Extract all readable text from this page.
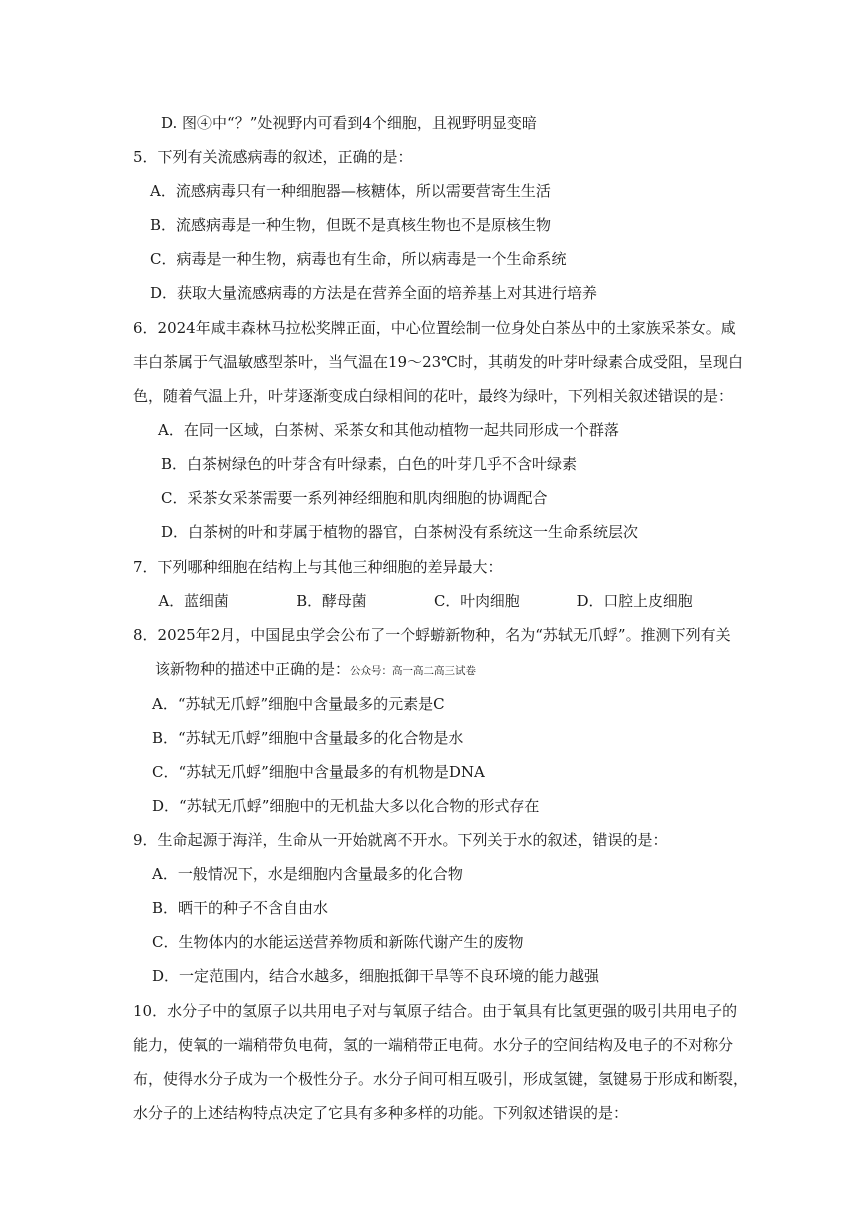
D. 图④中“？”处视野内可看到4个细胞，且视野明显变暗
5．下列有关流感病毒的叙述，正确的是：
A．流感病毒只有一种细胞器—核糖体，所以需要营寄生生活
B．流感病毒是一种生物，但既不是真核生物也不是原核生物
C．病毒是一种生物，病毒也有生命，所以病毒是一个生命系统
D．获取大量流感病毒的方法是在营养全面的培养基上对其进行培养
6．2024年咸丰森林马拉松奖牌正面，中心位置绘制一位身处白茶丛中的土家族采茶女。咸
丰白茶属于气温敏感型茶叶，当气温在19～23℃时，其萌发的叶芽叶绿素合成受阻，呈现白
色，随着气温上升，叶芽逐渐变成白绿相间的花叶，最终为绿叶，下列相关叙述错误的是：
A．在同一区域，白茶树、采茶女和其他动植物一起共同形成一个群落
B．白茶树绿色的叶芽含有叶绿素，白色的叶芽几乎不含叶绿素
C．采茶女采茶需要一系列神经细胞和肌肉细胞的协调配合
D．白茶树的叶和芽属于植物的器官，白茶树没有系统这一生命系统层次
7．下列哪种细胞在结构上与其他三种细胞的差异最大：
A．蓝细菌	B．酵母菌	C．叶肉细胞	D．口腔上皮细胞
8．2025年2月，中国昆虫学会公布了一个蜉蝣新物种，名为“苏轼无爪蜉”。推测下列有关
该新物种的描述中正确的是：公众号：高一高二高三试卷
A．“苏轼无爪蜉”细胞中含量最多的元素是C
B．“苏轼无爪蜉”细胞中含量最多的化合物是水
C．“苏轼无爪蜉”细胞中含量最多的有机物是DNA
D．“苏轼无爪蜉”细胞中的无机盐大多以化合物的形式存在
9．生命起源于海洋，生命从一开始就离不开水。下列关于水的叙述，错误的是：
A．一般情况下，水是细胞内含量最多的化合物
B．晒干的种子不含自由水
C．生物体内的水能运送营养物质和新陈代谢产生的废物
D．一定范围内，结合水越多，细胞抵御干旱等不良环境的能力越强
10．水分子中的氢原子以共用电子对与氧原子结合。由于氧具有比氢更强的吸引共用电子的
能力，使氧的一端稍带负电荷，氢的一端稍带正电荷。水分子的空间结构及电子的不对称分
布，使得水分子成为一个极性分子。水分子间可相互吸引，形成氢键，氢键易于形成和断裂，
水分子的上述结构特点决定了它具有多种多样的功能。下列叙述错误的是：
